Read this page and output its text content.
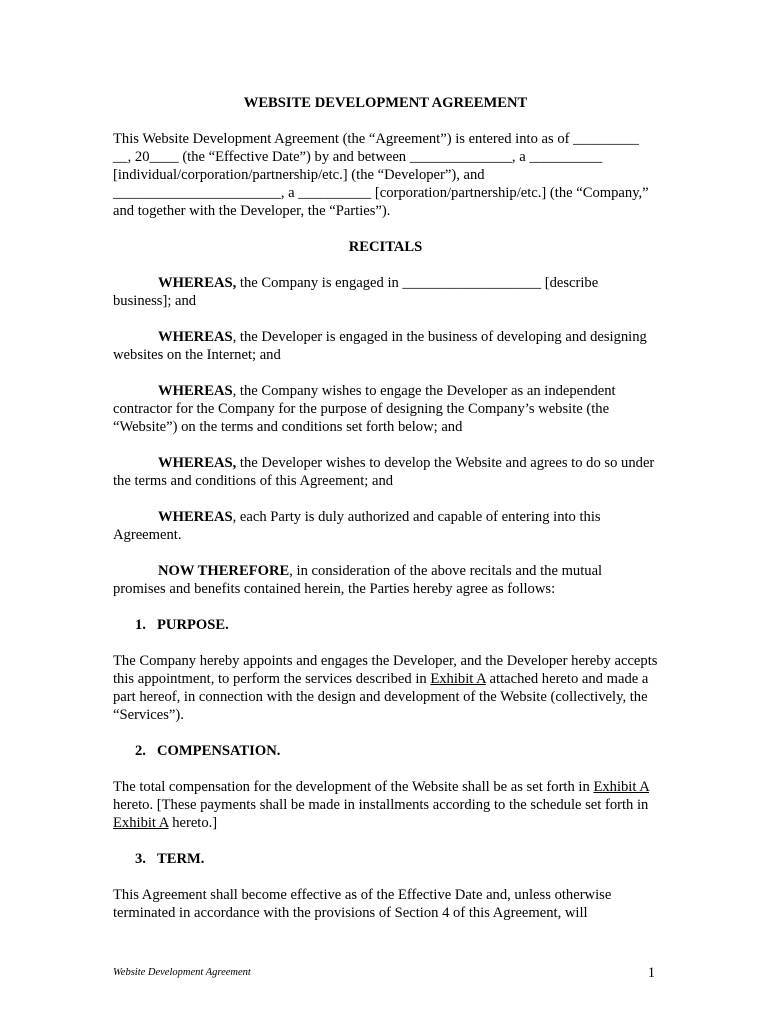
WEBSITE DEVELOPMENT AGREEMENT
This Website Development Agreement (the “Agreement”) is entered into as of _________ __, 20____ (the “Effective Date”) by and between ______________, a __________ [individual/corporation/partnership/etc.] (the “Developer”), and _______________________, a __________ [corporation/partnership/etc.] (the “Company,” and together with the Developer, the “Parties”).
RECITALS
WHEREAS, the Company is engaged in ___________________ [describe business]; and
WHEREAS, the Developer is engaged in the business of developing and designing websites on the Internet; and
WHEREAS, the Company wishes to engage the Developer as an independent contractor for the Company for the purpose of designing the Company’s website (the “Website”) on the terms and conditions set forth below; and
WHEREAS, the Developer wishes to develop the Website and agrees to do so under the terms and conditions of this Agreement; and
WHEREAS, each Party is duly authorized and capable of entering into this Agreement.
NOW THEREFORE, in consideration of the above recitals and the mutual promises and benefits contained herein, the Parties hereby agree as follows:
1. PURPOSE.
The Company hereby appoints and engages the Developer, and the Developer hereby accepts this appointment, to perform the services described in Exhibit A attached hereto and made a part hereof, in connection with the design and development of the Website (collectively, the “Services”).
2. COMPENSATION.
The total compensation for the development of the Website shall be as set forth in Exhibit A hereto. [These payments shall be made in installments according to the schedule set forth in Exhibit A hereto.]
3. TERM.
This Agreement shall become effective as of the Effective Date and, unless otherwise terminated in accordance with the provisions of Section 4 of this Agreement, will
Website Development Agreement	1
